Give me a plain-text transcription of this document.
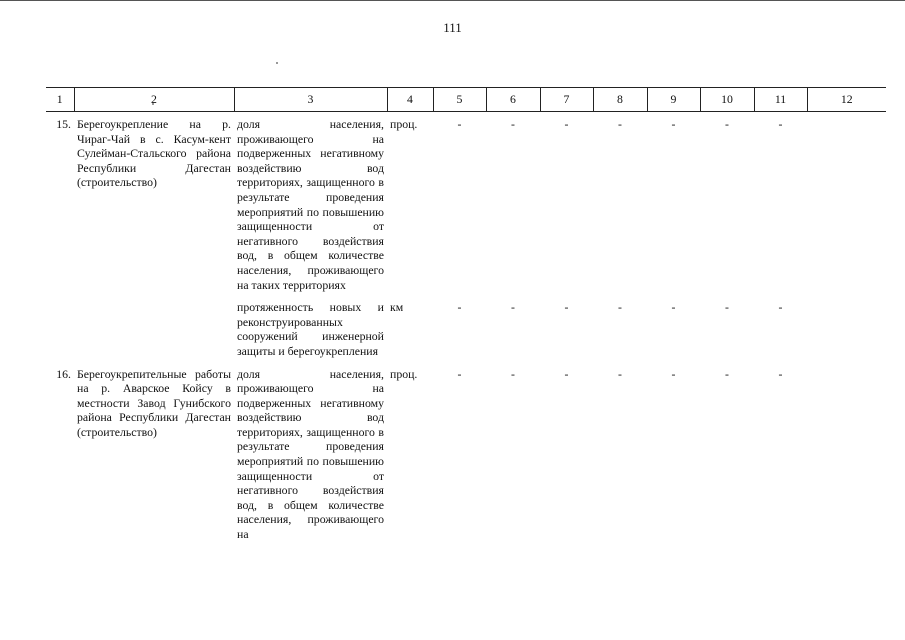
111
1	2	3	4	5	6	7	8	9	10	11	12
15.	Берегоукрепление на р. Чираг-Чай в с. Касум-кент Сулейман-Стальского района Республики Дагестан (строительство)	доля населения, проживающего на подверженных негативному воздействию вод территориях, защищенного в результате проведения мероприятий по повышению защищенности от негативного воздействия вод, в общем количестве населения, проживающего на таких территориях	проц.	-	-	-	-	-	-	-	
		протяженность новых и реконструированных сооружений инженерной защиты и берегоукрепления	км	-	-	-	-	-	-	-	
16.	Берегоукрепительные работы на р. Аварское Койсу в местности Завод Гунибского района Республики Дагестан (строительство)	доля населения, проживающего на подверженных негативному воздействию вод территориях, защищенного в результате проведения мероприятий по повышению защищенности от негативного воздействия вод, в общем количестве населения, проживающего на	проц.	-	-	-	-	-	-	-	
